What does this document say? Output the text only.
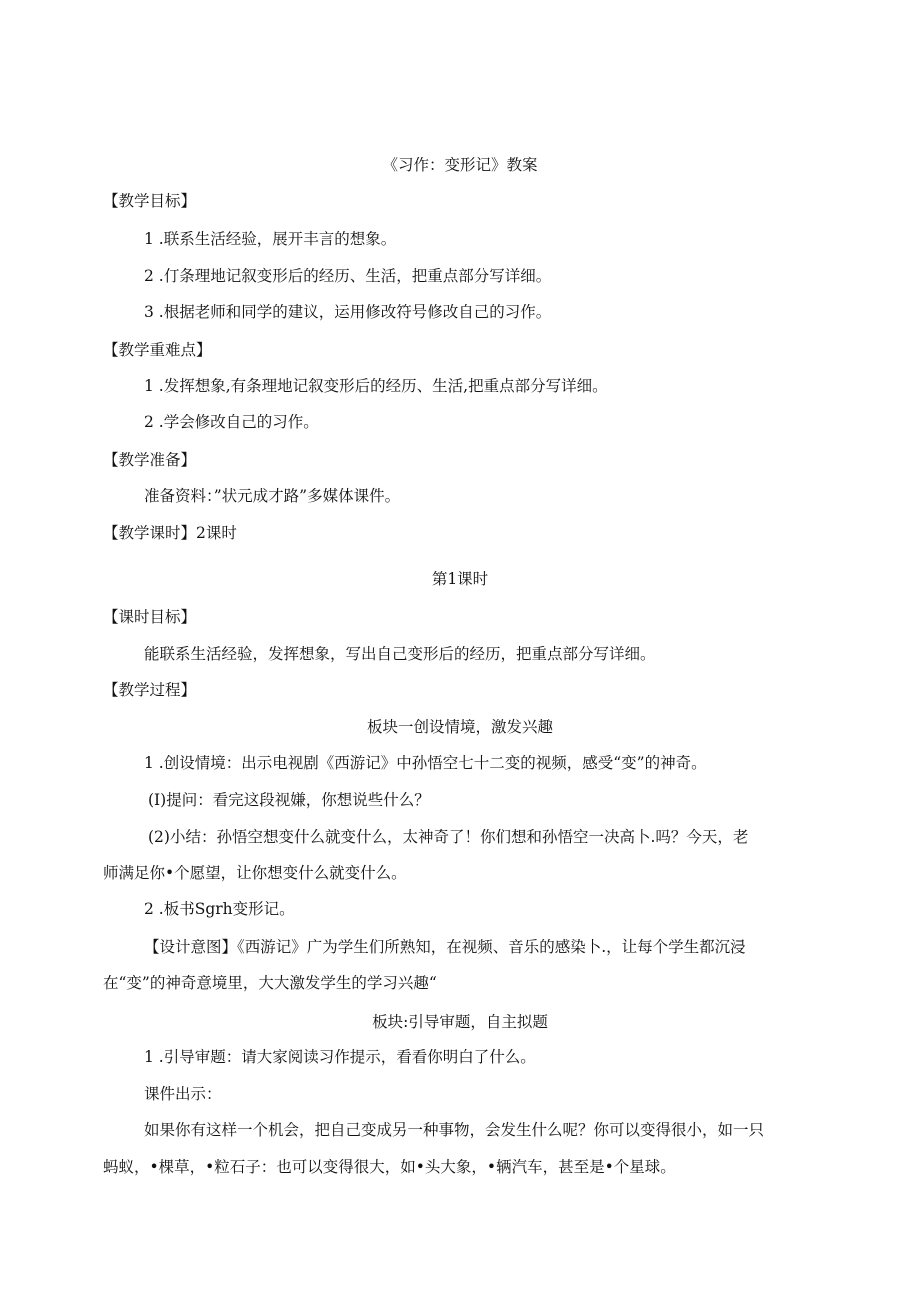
《习作：变形记》教案
【教学目标】
1 .联系生活经验，展开丰言的想象。
2 .仃条理地记叙变形后的经历、生活，把重点部分写详细。
3 .根据老师和同学的建议，运用修改符号修改自己的习作。
【教学重难点】
1 .发挥想象,有条理地记叙变形后的经历、生活,把重点部分写详细。
2 .学会修改自己的习作。
【教学准备】
准备资料：”状元成才路”多媒体课件。
【教学课时】2课时
第1课时
【课时目标】
能联系生活经验，发挥想象，写出自己变形后的经历，把重点部分写详细。
【教学过程】
板块一创设情境，激发兴趣
1 .创设情境：出示电视剧《西游记》中孙悟空七十二变的视频，感受“变”的神奇。
(I)提问：看完这段视嫌，你想说些什么？
(2)小结：孙悟空想变什么就变什么，太神奇了！你们想和孙悟空一决高卜.吗？今天，老
师满足你•个愿望，让你想变什么就变什么。
2 .板书Sgrh变形记。
【设计意图】《西游记》广为学生们所熟知，在视频、音乐的感染卜.，让每个学生都沉浸
在“变”的神奇意境里，大大激发学生的学习兴趣“
板块:引导审题，自主拟题
1 .引导审题：请大家阅读习作提示，看看你明白了什么。
课件出示：
如果你有这样一个机会，把自己变成另一种事物，会发生什么呢？你可以变得很小，如一只
蚂蚁，•棵草，•粒石子：也可以变得很大，如•头大象，•辆汽车，甚至是•个星球。
